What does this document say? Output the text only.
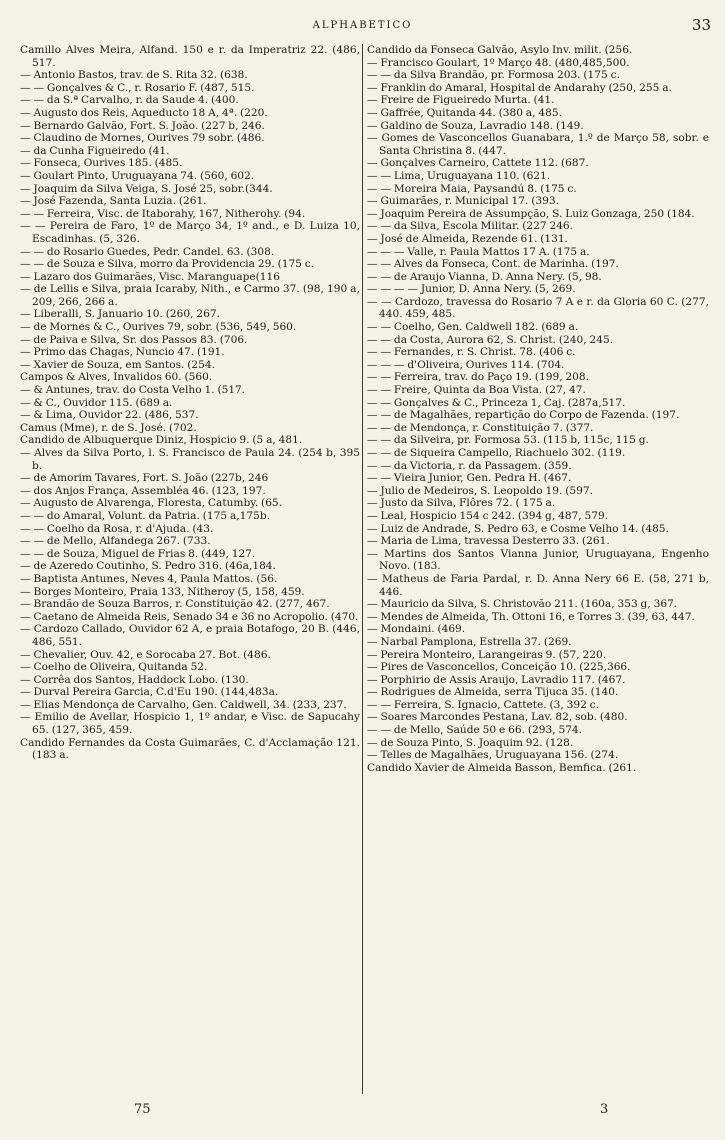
ALPHABETICO	33

Camillo Alves Meira, Alfand. 150 e r. da Imperatriz 22. (486, 517.

— Antonio Bastos, trav. de S. Rita 32. (638.

— — Gonçalves & C., r. Rosario F. (487, 515.

— — da S.ª Carvalho, r. da Saude 4. (400.

— Augusto dos Reis, Aqueducto 18 A, 4ª. (220.

— Bernardo Galvão, Fort. S. João. (227 b, 246.

— Claudino de Mornes, Ourives 79 sobr. (486.

— da Cunha Figueiredo (41.

— Fonseca, Ourives 185. (485.

— Goulart Pinto, Uruguayana 74. (560, 602.

— Joaquim da Silva Veiga, S. José 25, sobr.(344.

— José Fazenda, Santa Luzia. (261.

— — Ferreira, Visc. de Itaborahy, 167, Nitherohy. (94.

— — Pereira de Faro, 1º de Março 34, 1º and., e D. Luiza 10, Escadinhas. (5, 326.

— — do Rosario Guedes, Pedr. Candel. 63. (308.

— — de Souza e Silva, morro da Providencia 29. (175 c.

— Lazaro dos Guimarães, Visc. Maranguape(116

— de Lellis e Silva, praia Icaraby, Nith., e Carmo 37. (98, 190 a, 209, 266, 266 a.

— Liberalli, S. Januario 10. (260, 267.

— de Mornes & C., Ourives 79, sobr. (536, 549, 560.

— de Paiva e Silva, Sr. dos Passos 83. (706.

— Primo das Chagas, Nuncio 47. (191.

— Xavier de Souza, em Santos. (254.

Campos & Alves, Invalidos 60. (560.

— & Antunes, trav. do Costa Velho 1. (517.

— & C., Ouvidor 115. (689 a.

— & Lima, Ouvidor 22. (486, 537.

Camus (Mme), r. de S. José. (702.

Candido de Albuquerque Diniz, Hospicio 9. (5 a, 481.

— Alves da Silva Porto, l. S. Francisco de Paula 24. (254 b, 395 b.

— de Amorim Tavares, Fort. S. João (227b, 246

— dos Anjos França, Assembléa 46. (123, 197.

— Augusto de Alvarenga, Floresta, Catumby. (65.

— — do Amaral, Volunt. da Patria. (175 a,175b.

— — Coelho da Rosa, r. d'Ajuda. (43.

— — de Mello, Alfandega 267. (733.

— — de Souza, Miguel de Frias 8. (449, 127.

— de Azeredo Coutinho, S. Pedro 316. (46a,184.

— Baptista Antunes, Neves 4, Paula Mattos. (56.

— Borges Monteiro, Praia 133, Nitheroy (5, 158, 459.

— Brandão de Souza Barros, r. Constituição 42. (277, 467.

— Caetano de Almeida Reis, Senado 34 e 36 no Acropolio. (470.

— Cardozo Callado, Ouvidor 62 A, e praia Botafogo, 20 B. (446, 486, 551.

— Chevalier, Ouv. 42, e Sorocaba 27. Bot. (486.

— Coelho de Oliveira, Quitanda 52.

— Corrêa dos Santos, Haddock Lobo. (130.

— Durval Pereira Garcia, C.d'Eu 190. (144,483a.

— Elias Mendonça de Carvalho, Gen. Caldwell, 34. (233, 237.

— Emilio de Avellar, Hospicio 1, 1º andar, e Visc. de Sapucahy 65. (127, 365, 459.

Candido Fernandes da Costa Guimarães, C. d'Acclamação 121. (183 a.

Candido da Fonseca Galvão, Asylo Inv. milit. (256.

— Francisco Goulart, 1º Março 48. (480,485,500.

— — da Silva Brandão, pr. Formosa 203. (175 c.

— Franklin do Amaral, Hospital de Andarahy (250, 255 a.

— Freire de Figueiredo Murta. (41.

— Gaffrée, Quitanda 44. (380 a, 485.

— Galdino de Souza, Lavradio 148. (149.

— Gomes de Vasconcellos Guanabara, 1.º de Março 58, sobr. e Santa Christina 8. (447.

— Gonçalves Carneiro, Cattete 112. (687.

— — Lima, Uruguayana 110. (621.

— — Moreira Maia, Paysandú 8. (175 c.

— Guimarães, r. Municipal 17. (393.

— Joaquim Pereira de Assumpção, S. Luiz Gonzaga, 250 (184.

— — da Silva, Escola Militar. (227 246.

— José de Almeida, Rezende 61. (131.

— — — Valle, r. Paula Mattos 17 A. (175 a.

— — Alves da Fonseca, Cont. de Marinha. (197.

— — de Araujo Vianna, D. Anna Nery. (5, 98.

— — — — Junior, D. Anna Nery. (5, 269.

— — Cardozo, travessa do Rosario 7 A e r. da Gloria 60 C. (277, 440. 459, 485.

— — Coelho, Gen. Caldwell 182. (689 a.

— — da Costa, Aurora 62, S. Christ. (240, 245.

— — Fernandes, r. S. Christ. 78. (406 c.

— — — d'Oliveira, Ourives 114. (704.

— — Ferreira, trav. do Paço 19. (199, 208.

— — Freire, Quinta da Boa Vista. (27, 47.

— — Gonçalves & C., Princeza 1, Caj. (287a,517.

— — de Magalhães, repartição do Corpo de Fazenda. (197.

— — de Mendonça, r. Constituição 7. (377.

— — da Silveira, pr. Formosa 53. (115 b, 115c, 115 g.

— — de Siqueira Campello, Riachuelo 302. (119.

— — da Victoria, r. da Passagem. (359.

— — Vieira Junior, Gen. Pedra H. (467.

— Julio de Medeiros, S. Leopoldo 19. (597.

— Justo da Silva, Flôres 72. ( 175 a.

— Leal, Hospicio 154 c 242. (394 g, 487, 579.

— Luiz de Andrade, S. Pedro 63, e Cosme Velho 14. (485.

— Maria de Lima, travessa Desterro 33. (261.

— Martins dos Santos Vianna Junior, Uruguayana, Engenho Novo. (183.

— Matheus de Faria Pardal, r. D. Anna Nery 66 E. (58, 271 b, 446.

— Mauricio da Silva, S. Christovão 211. (160a, 353 g, 367.

— Mendes de Almeida, Th. Ottoni 16, e Torres 3. (39, 63, 447.

— Mondaini. (469.

— Narbal Pamplona, Estrella 37. (269.

— Pereira Monteiro, Larangeiras 9. (57, 220.

— Pires de Vasconcellos, Conceição 10. (225,366.

— Porphirio de Assis Araujo, Lavradio 117. (467.

— Rodrigues de Almeida, serra Tijuca 35. (140.

— — Ferreira, S. Ignacio, Cattete. (3, 392 c.

— Soares Marcondes Pestana, Lav. 82, sob. (480.

— — de Mello, Saúde 50 e 66. (293, 574.

— de Souza Pinto, S. Joaquim 92. (128.

— Telles de Magalhães, Uruguayana 156. (274.

Candido Xavier de Almeida Basson, Bemfica. (261.

75	3
